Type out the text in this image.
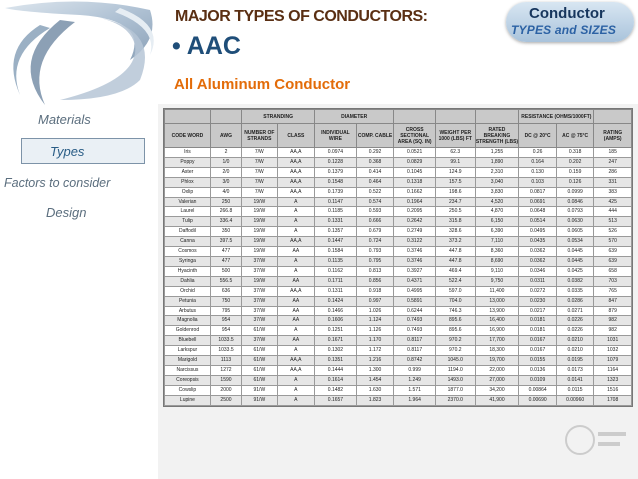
Materials
Types
Factors to consider
Design
MAJOR TYPES OF CONDUCTORS:	Conductor
TYPES and SIZES
• AAC
All Aluminum Conductor
		STRANDING		DIAMETER					RESISTANCE (OHMS/1000FT)		
CODE WORD	AWG	NUMBER OF STRANDS	CLASS	INDIVIDUAL WIRE	COMP. CABLE	CROSS SECTIONAL AREA (SQ. IN)	WEIGHT PER 1000 (LBS) FT	RATED BREAKING STRENGTH (LBS)	DC @ 20°C	AC @ 75°C	RATING (AMPS)
Iris	2	7/W	AA,A	0.0974	0.292	0.0521	62.3	1,255	0.26	0.318	185
Poppy	1/0	7/W	AA,A	0.1228	0.368	0.0829	99.1	1,890	0.164	0.202	247
Aster	2/0	7/W	AA,A	0.1379	0.414	0.1045	124.9	2,310	0.130	0.159	286
Phlox	3/0	7/W	AA,A	0.1548	0.464	0.1318	157.5	3,040	0.103	0.126	331
Oxlip	4/0	7/W	AA,A	0.1739	0.522	0.1662	198.6	3,830	0.0817	0.0999	383
Valerian	250	19/W	A	0.1147	0.574	0.1964	234.7	4,520	0.0691	0.0846	425
Laurel	266.8	19/W	A	0.1185	0.593	0.2095	250.5	4,870	0.0648	0.0793	444
Tulip	336.4	19/W	A	0.1331	0.666	0.2642	315.8	6,150	0.0514	0.0630	513
Daffodil	350	19/W	A	0.1357	0.679	0.2749	328.6	6,390	0.0495	0.0605	526
Canna	397.5	19/W	AA,A	0.1447	0.724	0.3122	373.2	7,110	0.0435	0.0534	570
Cosmos	477	19/W	AA	0.1584	0.793	0.3746	447.8	8,360	0.0362	0.0445	639
Syringa	477	37/W	A	0.1135	0.795	0.3746	447.8	8,690	0.0362	0.0445	639
Hyacinth	500	37/W	A	0.1162	0.813	0.3927	469.4	9,110	0.0346	0.0425	658
Dahlia	556.5	19/W	AA	0.1711	0.856	0.4371	522.4	9,750	0.0311	0.0382	703
Orchid	636	37/W	AA,A	0.1311	0.918	0.4995	597.0	11,400	0.0272	0.0335	765
Petunia	750	37/W	AA	0.1424	0.997	0.5891	704.0	13,000	0.0230	0.0286	847
Arbutus	795	37/W	AA	0.1466	1.026	0.6244	746.3	13,900	0.0217	0.0271	879
Magnolia	954	37/W	AA	0.1606	1.124	0.7493	895.6	16,400	0.0181	0.0226	982
Goldenrod	954	61/W	A	0.1251	1.126	0.7493	895.6	16,900	0.0181	0.0226	982
Bluebell	1033.5	37/W	AA	0.1671	1.170	0.8117	970.2	17,700	0.0167	0.0210	1031
Larkspur	1033.5	61/W	A	0.1302	1.172	0.8117	970.2	18,300	0.0167	0.0210	1032
Marigold	1113	61/W	AA,A	0.1351	1.216	0.8742	1045.0	19,700	0.0155	0.0195	1079
Narcissus	1272	61/W	AA,A	0.1444	1.300	0.999	1194.0	22,000	0.0136	0.0173	1164
Coreopsis	1590	61/W	A	0.1614	1.454	1.249	1493.0	27,000	0.0109	0.0141	1323
Cowslip	2000	91/W	A	0.1482	1.630	1.571	1877.0	34,200	0.00864	0.0115	1516
Lupine	2500	91/W	A	0.1657	1.823	1.964	2370.0	41,900	0.00690	0.00960	1708
